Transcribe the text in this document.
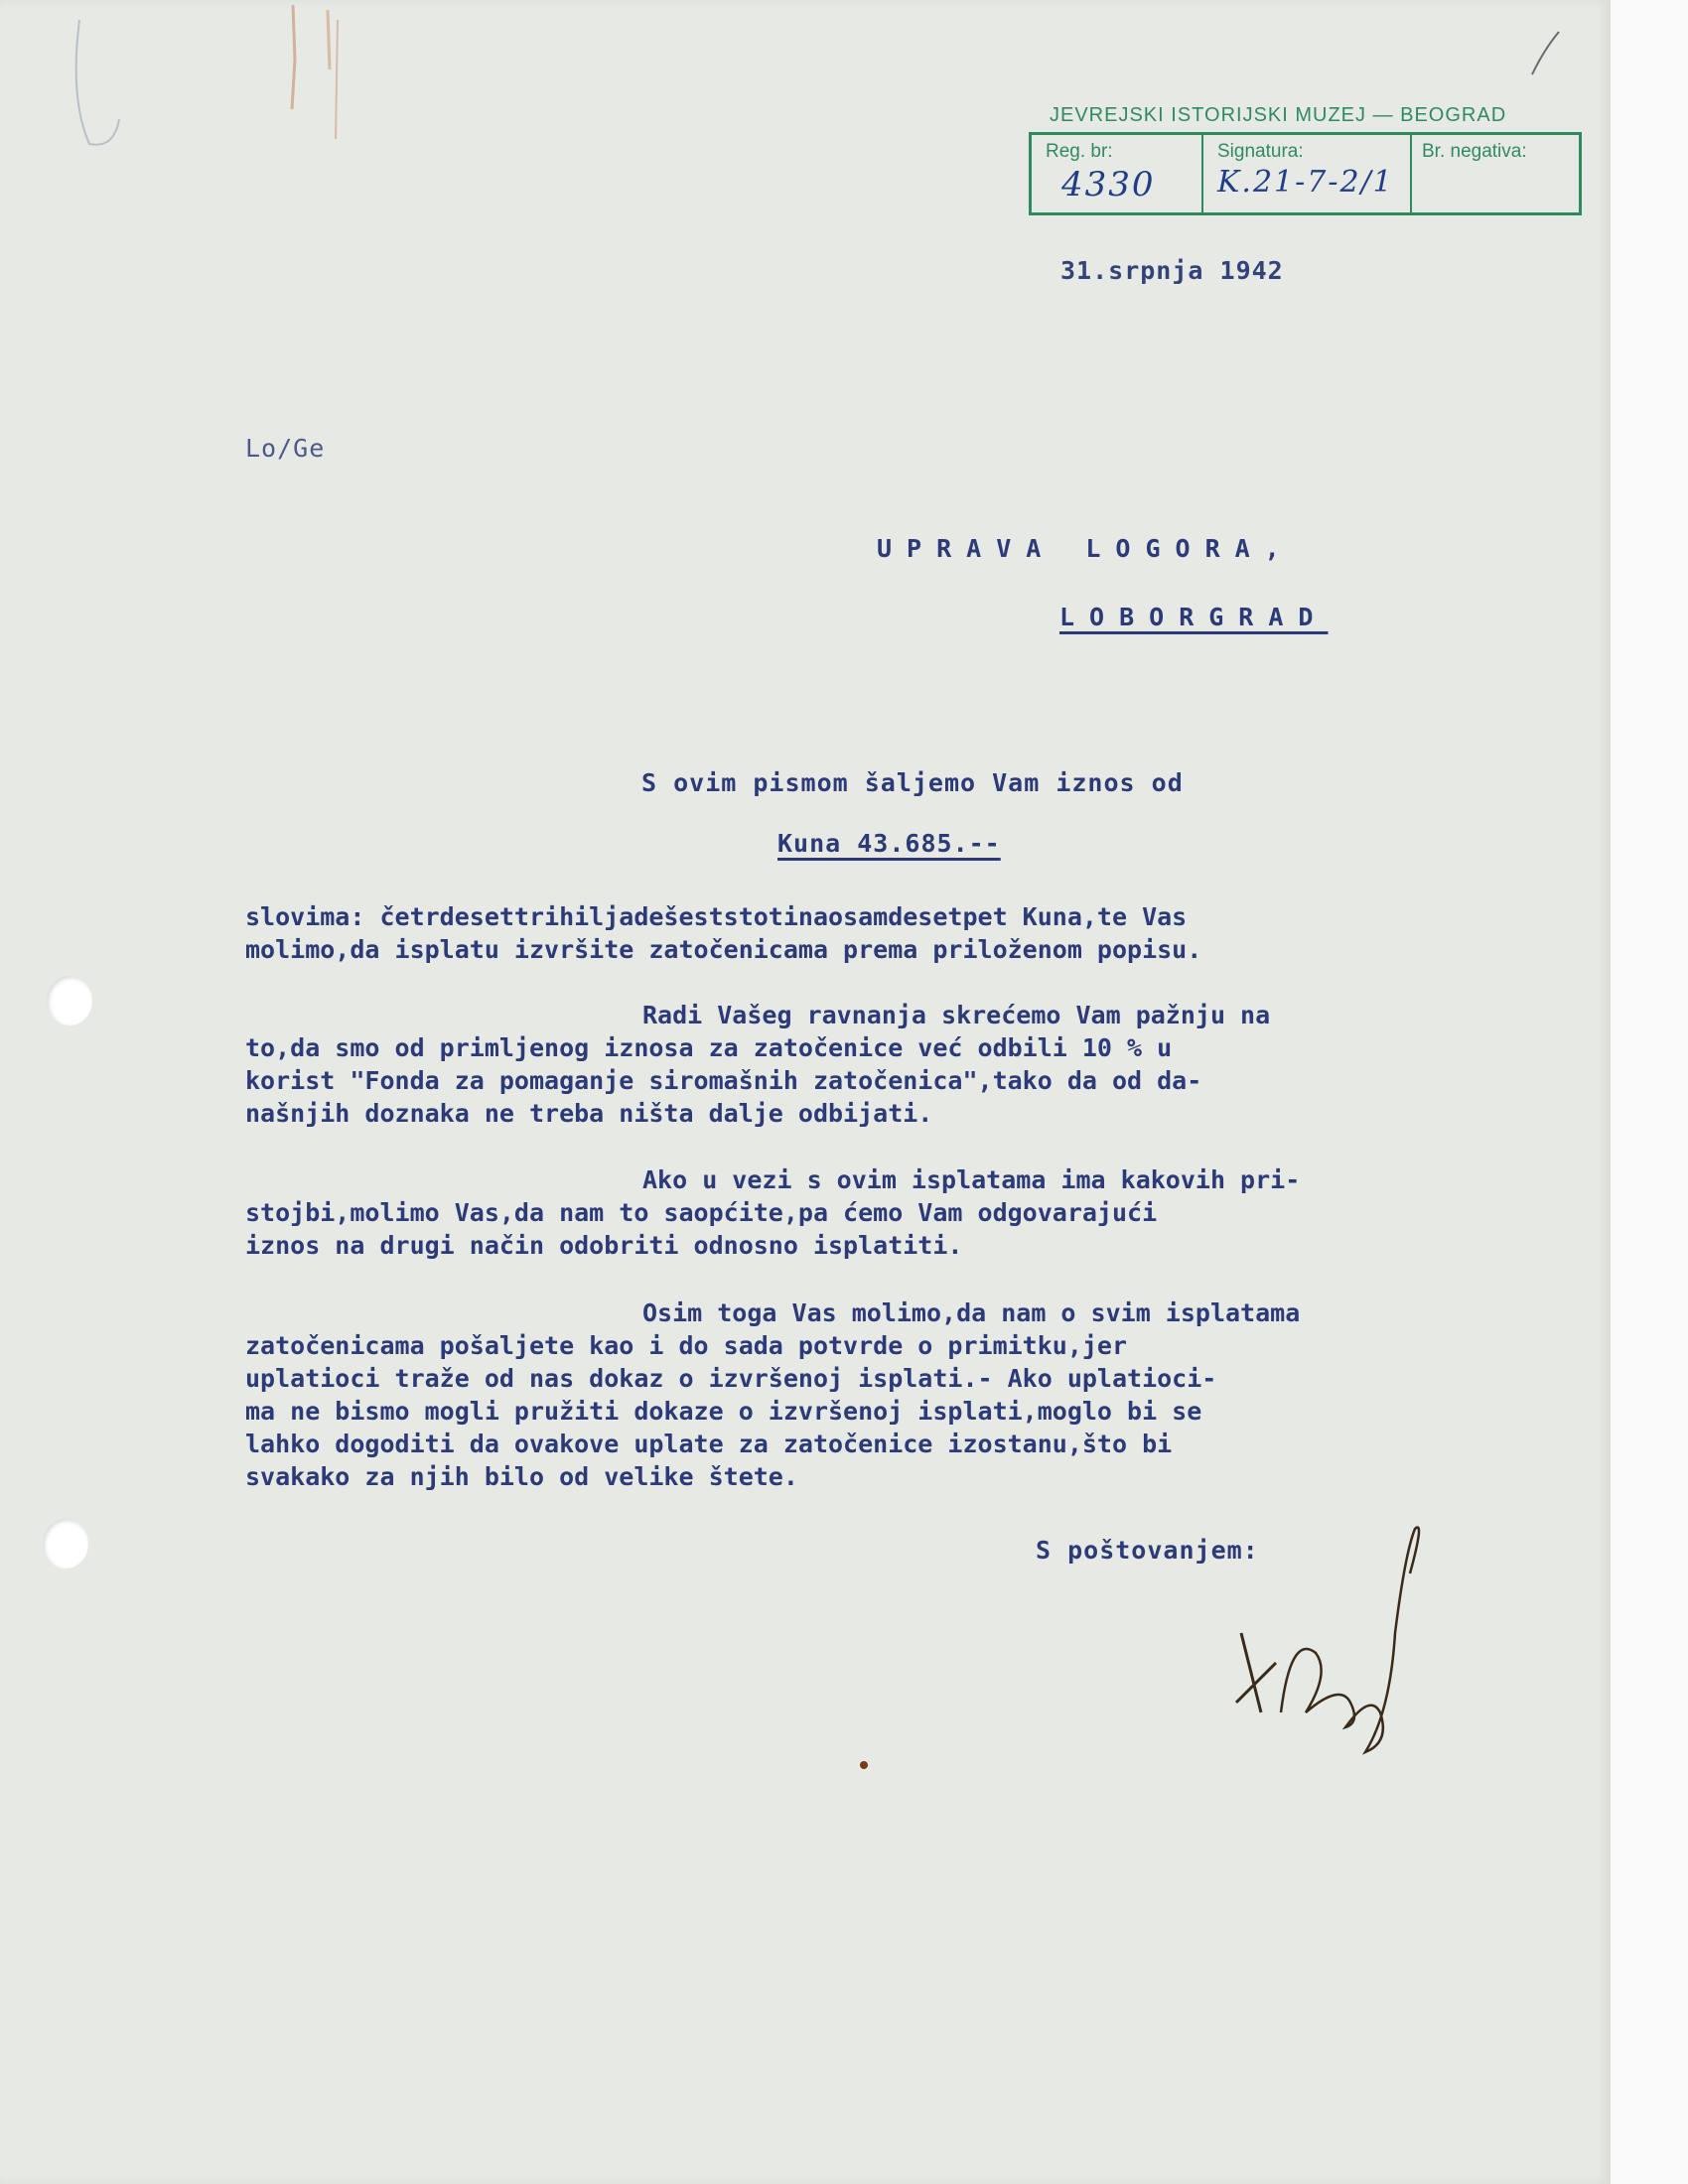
JEVREJSKI ISTORIJSKI MUZEJ — BEOGRAD
Reg. br:
4330
Signatura:
K.21-7-2/1
Br. negativa:
31.srpnja 1942
Lo/Ge
UPRAVA LOGORA,
LOBORGRAD
S ovim pismom šaljemo Vam iznos od
Kuna 43.685.--
slovima: četrdesettrihiljadešeststotinaosamdesetpet Kuna,te Vas
molimo,da isplatu izvršite zatočenicama prema priloženom popisu.
Radi Vašeg ravnanja skrećemo Vam pažnju na
to,da smo od primljenog iznosa za zatočenice već odbili 10 % u
korist "Fonda za pomaganje siromašnih zatočenica",tako da od da-
našnjih doznaka ne treba ništa dalje odbijati.
Ako u vezi s ovim isplatama ima kakovih pri-
stojbi,molimo Vas,da nam to saopćite,pa ćemo Vam odgovarajući
iznos na drugi način odobriti odnosno isplatiti.
Osim toga Vas molimo,da nam o svim isplatama
zatočenicama pošaljete kao i do sada potvrde o primitku,jer
uplatioci traže od nas dokaz o izvršenoj isplati.- Ako uplatioci-
ma ne bismo mogli pružiti dokaze o izvršenoj isplati,moglo bi se
lahko dogoditi da ovakove uplate za zatočenice izostanu,što bi
svakako za njih bilo od velike štete.
S poštovanjem:
